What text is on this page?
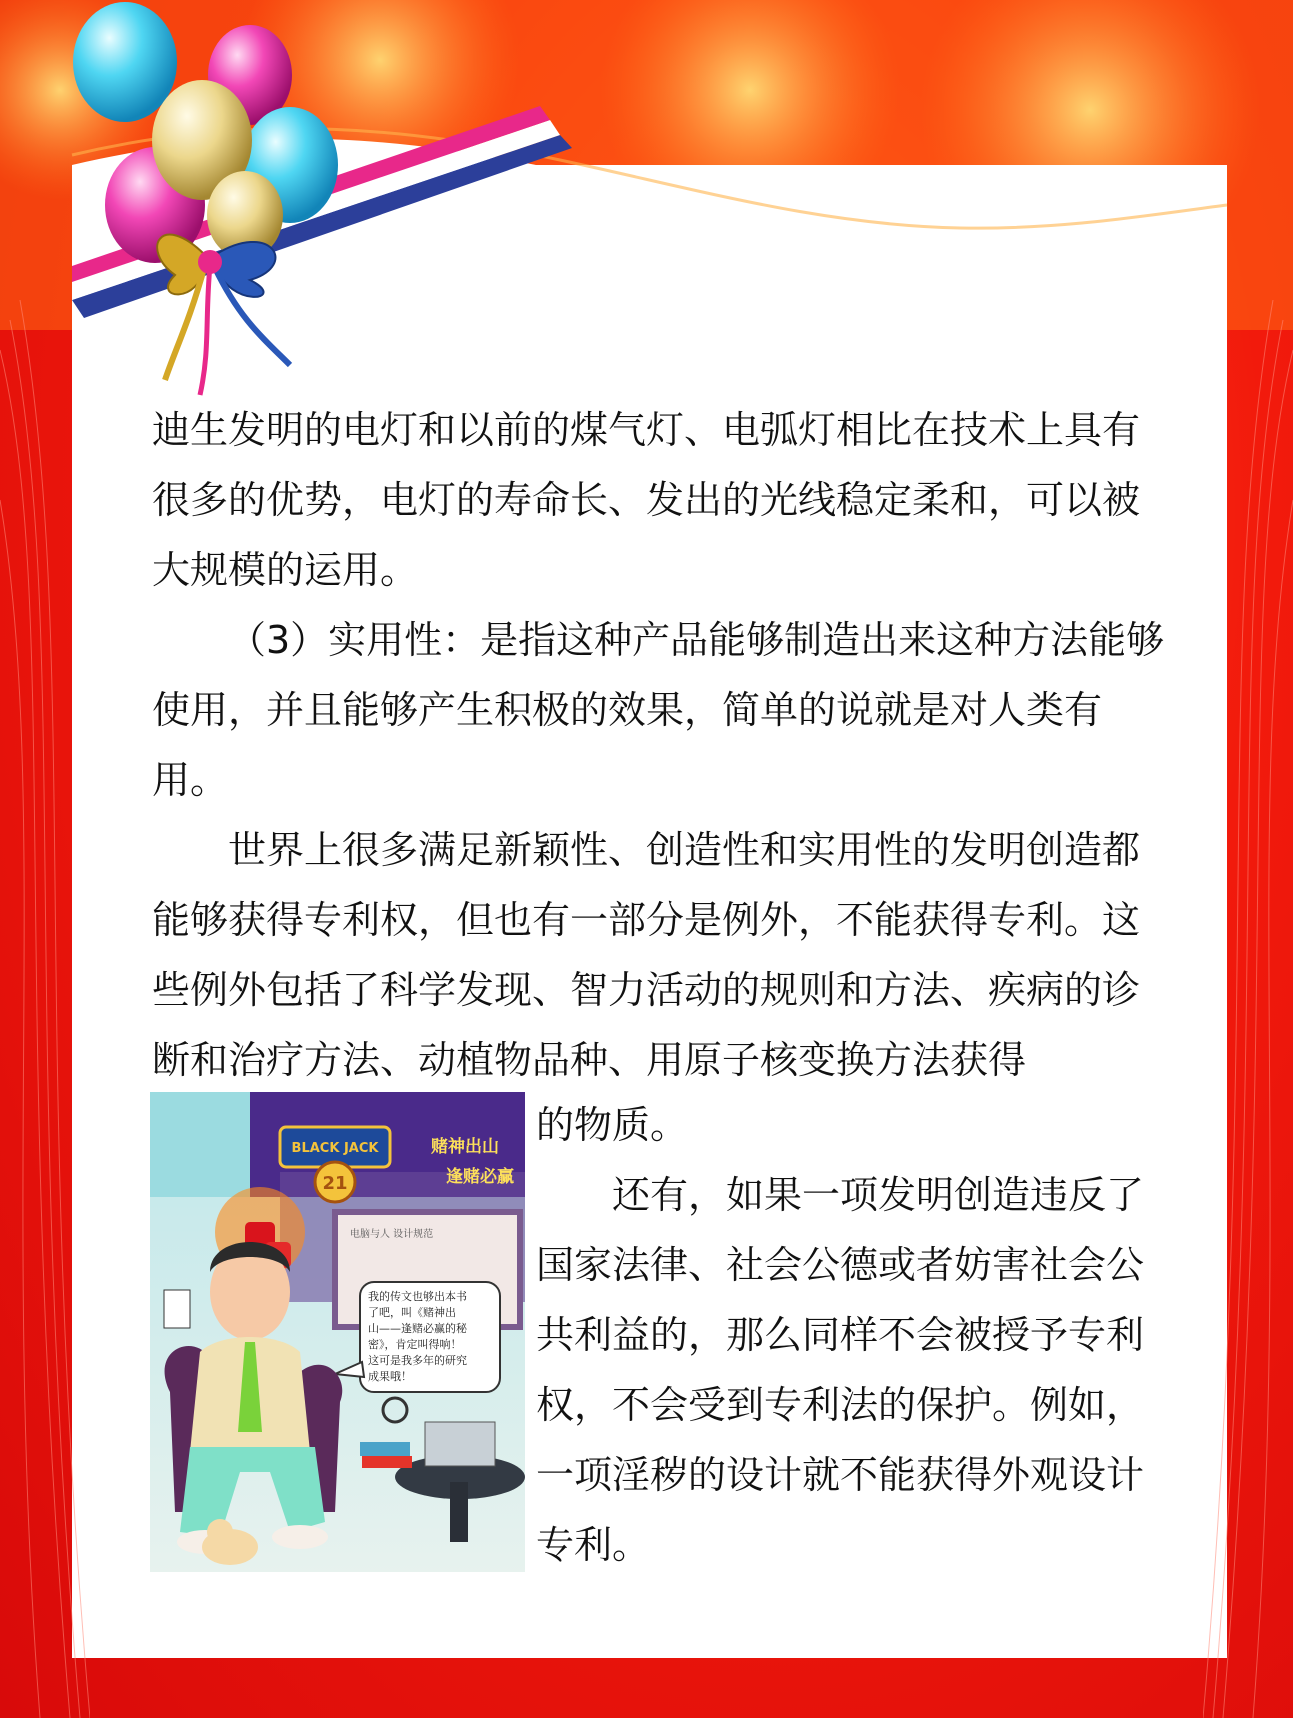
迪生发明的电灯和以前的煤气灯、电弧灯相比在技术上具有很多的优势，电灯的寿命长、发出的光线稳定柔和，可以被大规模的运用。

（3）实用性：是指这种产品能够制造出来这种方法能够使用，并且能够产生积极的效果，简单的说就是对人类有用。

世界上很多满足新颖性、创造性和实用性的发明创造都能够获得专利权，但也有一部分是例外，不能获得专利。这些例外包括了科学发现、智力活动的规则和方法、疾病的诊断和治疗方法、动植物品种、用原子核变换方法获得

BLACK JACK
21
赌神出山
逢赌必赢
电脑与人 设计规范
我的传文也够出本书
了吧，叫《赌神出
山——逢赌必赢的秘
密》，肯定叫得响！
这可是我多年的研究
成果哦！

的物质。

还有，如果一项发明创造违反了国家法律、社会公德或者妨害社会公共利益的，那么同样不会被授予专利权，不会受到专利法的保护。例如，一项淫秽的设计就不能获得外观设计专利。
